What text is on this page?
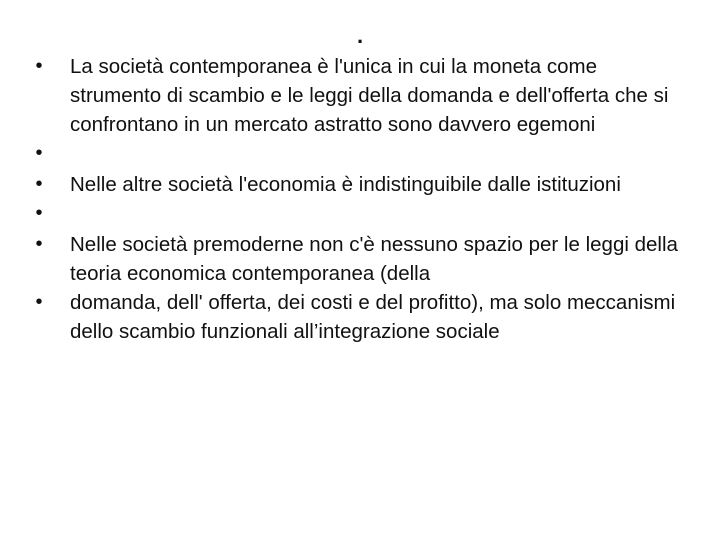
.
• La società contemporanea è l'unica in cui la moneta come strumento di scambio e le leggi della domanda e dell'offerta che si confrontano in un mercato astratto sono davvero egemoni
•
• Nelle altre società l'economia è indistinguibile dalle istituzioni
•
• Nelle società premoderne non c'è nessuno spazio per le leggi della teoria economica contemporanea (della
• domanda, dell' offerta, dei costi e del profitto), ma solo meccanismi dello scambio funzionali all’integrazione sociale
